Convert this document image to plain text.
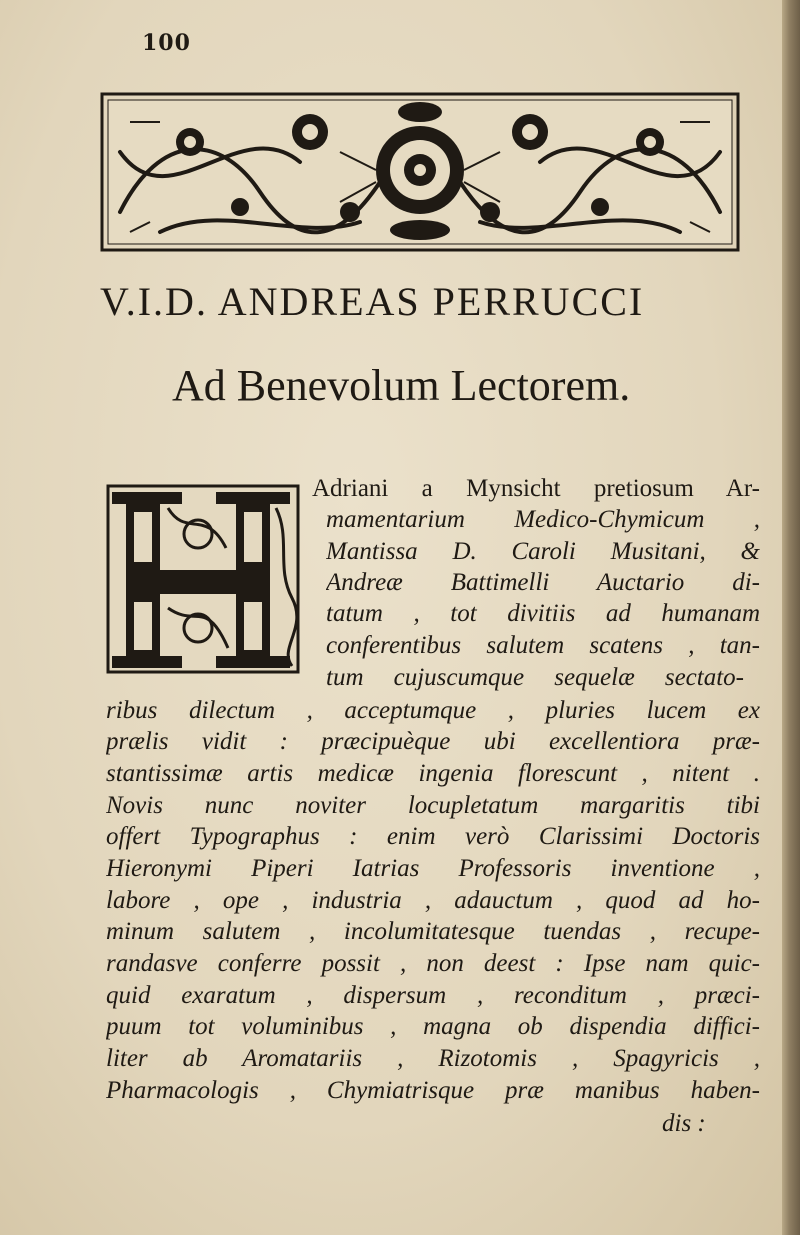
100
V.I.D. ANDREAS PERRUCCI
Ad Benevolum Lectorem.
Adriani a Mynsicht pretiosum Ar-
mamentarium Medico-Chymicum ,
Mantissa D. Caroli Musitani, &
Andreæ Battimelli Auctario di-
tatum , tot divitiis ad humanam
conferentibus salutem scatens , tan-
tum cujuscumque sequelæ sectato-
ribus dilectum , acceptumque , pluries lucem ex
prælis vidit : præcipuèque ubi excellentiora præ-
stantissimæ artis medicæ ingenia florescunt , nitent .
Novis nunc noviter locupletatum margaritis tibi
offert Typographus : enim verò Clarissimi Doctoris
Hieronymi Piperi Iatrias Professoris inventione ,
labore , ope , industria , adauctum , quod ad ho-
minum salutem , incolumitatesque tuendas , recupe-
randasve conferre possit , non deest : Ipse nam quic-
quid exaratum , dispersum , reconditum , præci-
puum tot voluminibus , magna ob dispendia diffici-
liter ab Aromatariis , Rizotomis , Spagyricis ,
Pharmacologis , Chymiatrisque præ manibus haben-
dis :
